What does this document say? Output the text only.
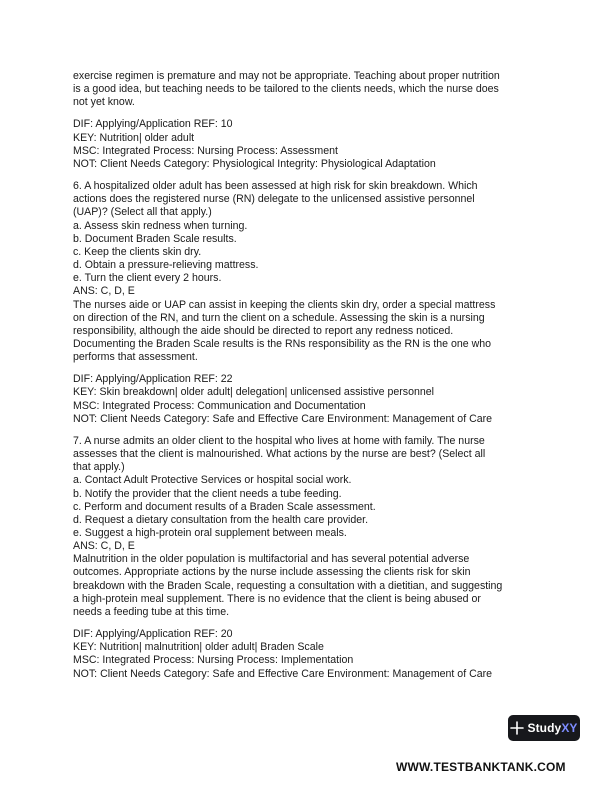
exercise regimen is premature and may not be appropriate. Teaching about proper nutrition

is a good idea, but teaching needs to be tailored to the clients needs, which the nurse does

not yet know.

DIF: Applying/Application REF: 10

KEY: Nutrition| older adult

MSC: Integrated Process: Nursing Process: Assessment

NOT: Client Needs Category: Physiological Integrity: Physiological Adaptation

6. A hospitalized older adult has been assessed at high risk for skin breakdown. Which

actions does the registered nurse (RN) delegate to the unlicensed assistive personnel

(UAP)? (Select all that apply.)

a. Assess skin redness when turning.

b. Document Braden Scale results.

c. Keep the clients skin dry.

d. Obtain a pressure-relieving mattress.

e. Turn the client every 2 hours.

ANS: C, D, E

The nurses aide or UAP can assist in keeping the clients skin dry, order a special mattress

on direction of the RN, and turn the client on a schedule. Assessing the skin is a nursing

responsibility, although the aide should be directed to report any redness noticed.

Documenting the Braden Scale results is the RNs responsibility as the RN is the one who

performs that assessment.

DIF: Applying/Application REF: 22

KEY: Skin breakdown| older adult| delegation| unlicensed assistive personnel

MSC: Integrated Process: Communication and Documentation

NOT: Client Needs Category: Safe and Effective Care Environment: Management of Care

7. A nurse admits an older client to the hospital who lives at home with family. The nurse

assesses that the client is malnourished. What actions by the nurse are best? (Select all

that apply.)

a. Contact Adult Protective Services or hospital social work.

b. Notify the provider that the client needs a tube feeding.

c. Perform and document results of a Braden Scale assessment.

d. Request a dietary consultation from the health care provider.

e. Suggest a high-protein oral supplement between meals.

ANS: C, D, E

Malnutrition in the older population is multifactorial and has several potential adverse

outcomes. Appropriate actions by the nurse include assessing the clients risk for skin

breakdown with the Braden Scale, requesting a consultation with a dietitian, and suggesting

a high-protein meal supplement. There is no evidence that the client is being abused or

needs a feeding tube at this time.

DIF: Applying/Application REF: 20

KEY: Nutrition| malnutrition| older adult| Braden Scale

MSC: Integrated Process: Nursing Process: Implementation

NOT: Client Needs Category: Safe and Effective Care Environment: Management of Care

StudyXY
WWW.TESTBANKTANK.COM
